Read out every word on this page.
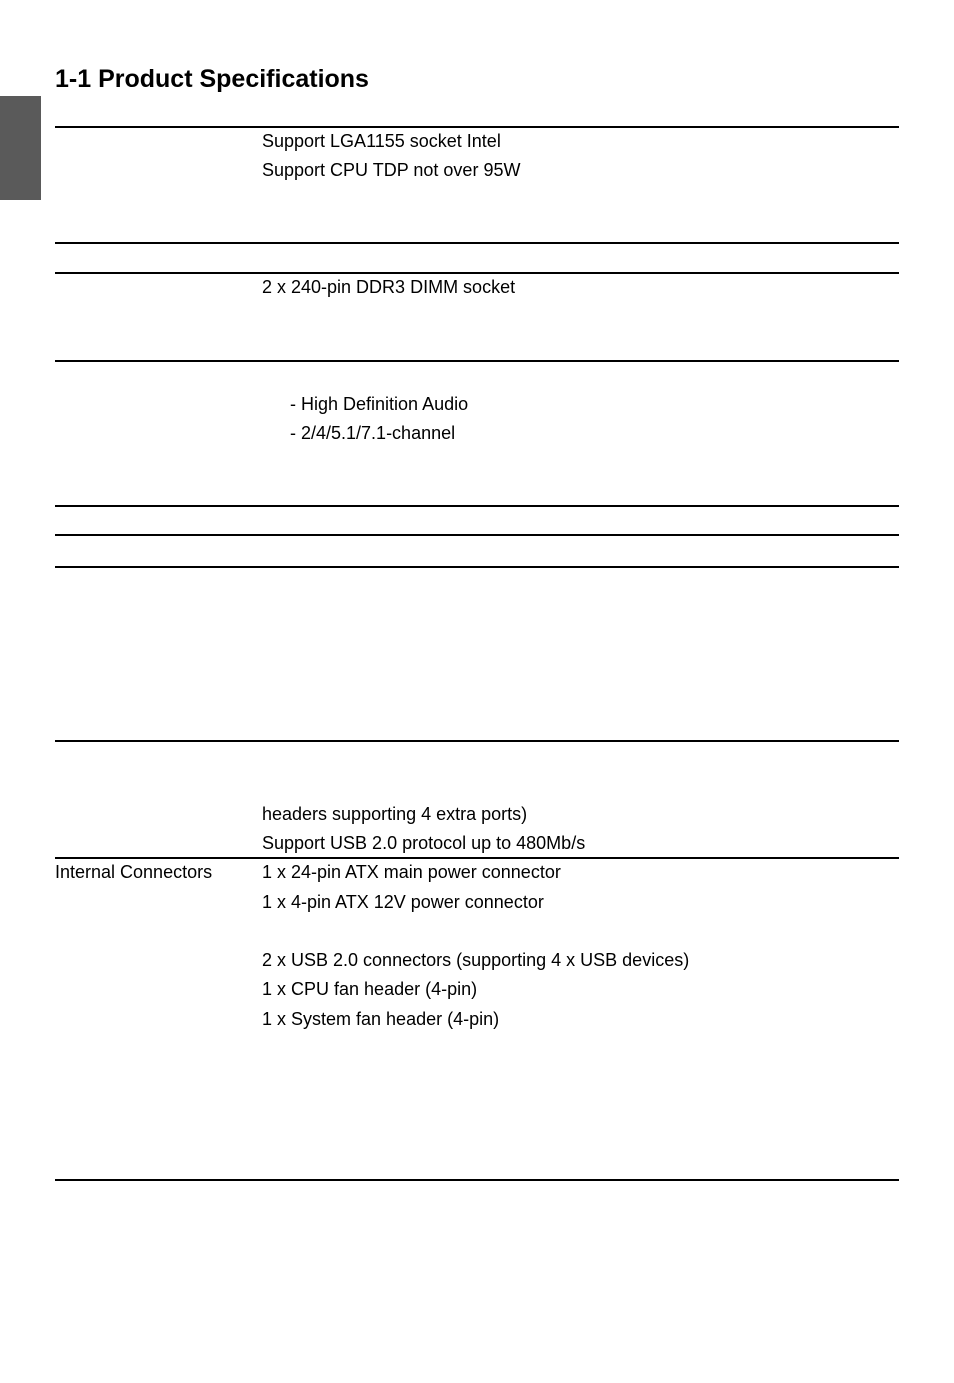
1-1 Product Specifications
Support LGA1155 socket Intel
Support CPU TDP not over 95W
2 x 240-pin DDR3 DIMM socket
- High Definition Audio
- 2/4/5.1/7.1-channel
headers supporting 4 extra ports)
Support USB 2.0 protocol up to 480Mb/s
Internal Connectors	1 x 24-pin ATX main power connector
1 x 4-pin ATX 12V power connector
2 x USB 2.0 connectors (supporting 4 x USB devices)
1 x CPU fan header (4-pin)
1 x System fan header (4-pin)
